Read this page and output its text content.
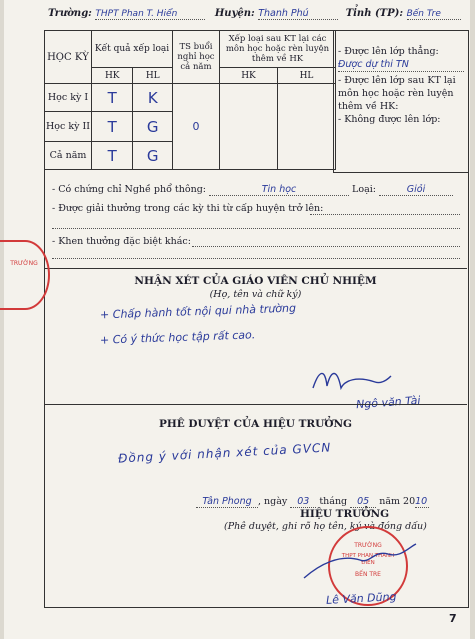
Trường: THPT Phan T. Hiển	Huyện: Thanh Phú	Tỉnh (TP): Bến Tre
HỌC KỲ	Kết quả xếp loại		TS buổi nghỉ học cả năm	Xếp loại sau KT lại các môn học hoặc rèn luyện thêm về HK	
	HK	HL		HK	HL
Học kỳ I	T	K	0		
Học kỳ II	T	G			
Cả năm	T	G			
- Được lên lớp thẳng:
Được dự thi TN
- Được lên lớp sau KT lại môn học hoặc rèn luyện thêm về HK:
- Không được lên lớp:
- Có chứng chỉ Nghề phổ thông:	Tin học	Loại:	Giỏi
- Được giải thưởng trong các kỳ thi từ cấp huyện trở lên:
- Khen thưởng đặc biệt khác:
NHẬN XÉT CỦA GIÁO VIÊN CHỦ NHIỆM
(Họ, tên và chữ ký)
+ Chấp hành tốt nội qui nhà trường
+ Có ý thức học tập rất cao.
Ngô văn Tài
PHÊ DUYỆT CỦA HIỆU TRƯỞNG
Đồng ý với nhận xét của GVCN
Tân Phong , ngày 03 tháng 05 năm 2010
HIỆU TRƯỞNG
(Phê duyệt, ghi rõ họ tên, ký và đóng dấu)
TRƯỜNG
TRƯỜNG
THPT PHAN THANH ĐIỀN
BẾN TRE
Lê Văn Dũng
7
